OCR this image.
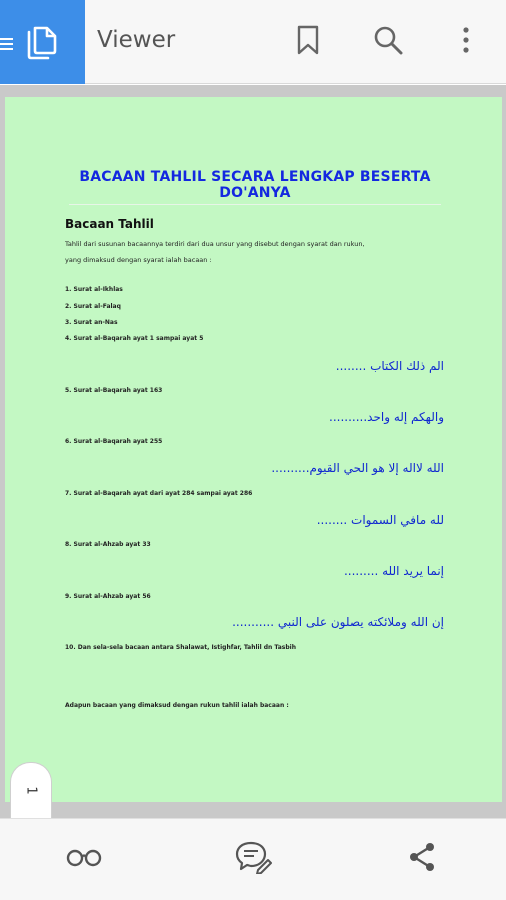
Viewer
BACAAN TAHLIL SECARA LENGKAP BESERTA DO'ANYA
Bacaan Tahlil
Tahlil dari susunan bacaannya terdiri dari dua unsur yang disebut dengan syarat dan rukun,
yang dimaksud dengan syarat ialah bacaan :
1. Surat al-Ikhlas
2. Surat al-Falaq
3. Surat an-Nas
4. Surat al-Baqarah ayat 1 sampai ayat 5
الم ذلك الكتاب ........
5. Surat al-Baqarah ayat 163
والهكم إله واحد..........
6. Surat al-Baqarah ayat 255
الله لااله إلا هو الحي القيوم..........
7. Surat al-Baqarah ayat dari ayat 284 sampai ayat 286
لله مافي السموات ........
8. Surat al-Ahzab ayat 33
إنما يريد الله .........
9. Surat al-Ahzab ayat 56
إن الله وملائكته يصلون على النبي ...........
10. Dan sela-sela bacaan antara Shalawat, Istighfar, Tahlil dn Tasbih
Adapun bacaan yang dimaksud dengan rukun tahlil ialah bacaan :
1
